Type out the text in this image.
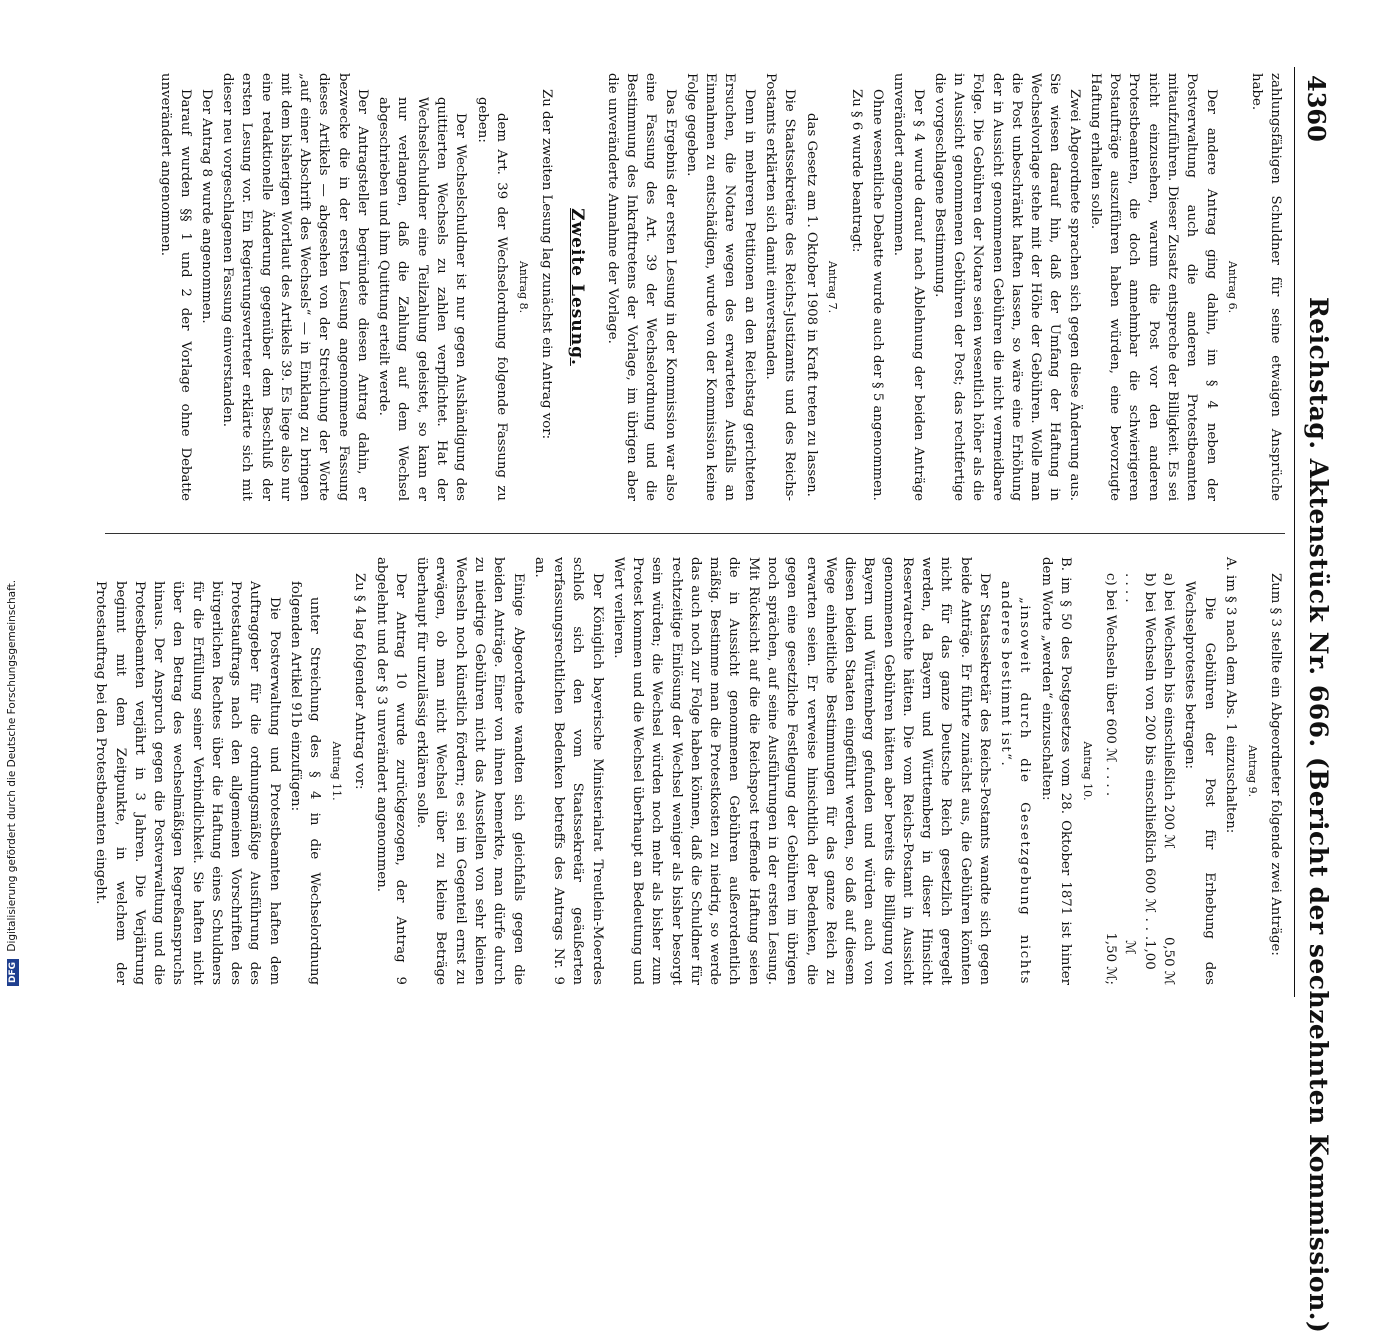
4360
Reichstag. Aktenstück Nr. 666. (Bericht der sechzehnten Kommission.)

zahlungsfähigen Schuldner für seine etwaigen Ansprüche habe.

Antrag 6.

Der andere Antrag ging dahin, im § 4 neben der Postverwaltung auch die anderen Protestbeamten mitaufzuführen. Dieser Zusatz entspreche der Billigkeit. Es sei nicht einzusehen, warum die Post vor den anderen Protestbeamten, die doch annehmbar die schwierigeren Postaufträge auszuführen haben würden, eine bevorzugte Haftung erhalten solle.

Zwei Abgeordnete sprachen sich gegen diese Änderung aus. Sie wiesen darauf hin, daß der Umfang der Haftung in Wechselvorlage stehe mit der Höhe der Gebühren. Wolle man die Post unbeschränkt haften lassen, so wäre eine Erhöhung der in Aussicht genommenen Gebühren die nicht vermeidbare Folge. Die Gebühren der Notare seien wesentlich höher als die in Aussicht genommenen Gebühren der Post; das rechtfertige die vorgeschlagene Bestimmung.

Der § 4 wurde darauf nach Ablehnung der beiden Anträge unverändert angenommen.

Ohne wesentliche Debatte wurde auch der § 5 angenommen.

Zu § 6 wurde beantragt:

Antrag 7.

das Gesetz am 1. Oktober 1908 in Kraft treten zu lassen.

Die Staatssekretäre des Reichs-Justizamts und des Reichs-Postamts erklärten sich damit einverstanden.

Denn in mehreren Petitionen an den Reichstag gerichteten Ersuchen, die Notare wegen des erwarteten Ausfalls an Einnahmen zu entschädigen, wurde von der Kommission keine Folge gegeben.

Das Ergebnis der ersten Lesung in der Kommission war also eine Fassung des Art. 39 der Wechselordnung und die Bestimmung des Inkrafttretens der Vorlage, im übrigen aber die unveränderte Annahme der Vorlage.

Zweite Lesung.

Zu der zweiten Lesung lag zunächst ein Antrag vor:

Antrag 8.

dem Art. 39 der Wechselordnung folgende Fassung zu geben:

Der Wechselschuldner ist nur gegen Aushändigung des quittierten Wechsels zu zahlen verpflichtet. Hat der Wechselschuldner eine Teilzahlung geleistet, so kann er nur verlangen, daß die Zahlung auf dem Wechsel abgeschrieben und ihm Quittung erteilt werde.

Der Antragsteller begründete diesen Antrag dahin, er bezwecke die in der ersten Lesung angenommene Fassung dieses Artikels — abgesehen von der Streichung der Worte „auf einer Abschrift des Wechsels“ — in Einklang zu bringen mit dem bisherigen Wortlaut des Artikels 39. Es liege also nur eine redaktionelle Änderung gegenüber dem Beschluß der ersten Lesung vor. Ein Regierungsvertreter erklärte sich mit dieser neu vorgeschlagenen Fassung einverstanden.

Der Antrag 8 wurde angenommen.

Darauf wurden §§ 1 und 2 der Vorlage ohne Debatte unverändert angenommen.

Zum § 3 stellte ein Abgeordneter folgende zwei Anträge:

Antrag 9.

A. im § 3 nach dem Abs. 1 einzuschalten:

Die Gebühren der Post für Erhebung des Wechselprotestes betragen:

a) bei Wechseln bis einschließlich 200 ℳ
0,50 ℳ
b) bei Wechseln von 200 bis einschließlich 600 ℳ . . . . . . .
1,00 ℳ
c) bei Wechseln über 600 ℳ . . . .
1,50 ℳ;

Antrag 10.

B. im § 50 des Postgesetzes vom 28. Oktober 1871 ist hinter dem Worte „werden“ einzuschalten:

„insoweit durch die Gesetzgebung nichts anderes bestimmt ist“.

Der Staatssekretär des Reichs-Postamts wandte sich gegen beide Anträge. Er führte zunächst aus, die Gebühren könnten nicht für das ganze Deutsche Reich gesetzlich geregelt werden, da Bayern und Württemberg in dieser Hinsicht Reservatrechte hätten. Die vom Reichs-Postamt in Aussicht genommenen Gebühren hätten aber bereits die Billigung von Bayern und Württemberg gefunden und würden auch von diesen beiden Staaten eingeführt werden, so daß auf diesem Wege einheitliche Bestimmungen für das ganze Reich zu erwarten seien. Er verweise hinsichtlich der Bedenken, die gegen eine gesetzliche Festlegung der Gebühren im übrigen noch sprächen, auf seine Ausführungen in der ersten Lesung. Mit Rücksicht auf die die Reichspost treffende Haftung seien die in Aussicht genommenen Gebühren außerordentlich mäßig. Bestimme man die Protestkosten zu niedrig, so werde das auch noch zur Folge haben können, daß die Schuldner für rechtzeitige Einlösung der Wechsel weniger als bisher besorgt sein würden; die Wechsel würden noch mehr als bisher zum Protest kommen und die Wechsel überhaupt an Bedeutung und Wert verlieren.

Der Königlich bayerische Ministerialrat Treutlein-Moerdes schloß sich den vom Staatssekretär geäußerten verfassungsrechtlichen Bedenken betreffs des Antrags Nr. 9 an.

Einige Abgeordnete wandten sich gleichfalls gegen die beiden Anträge. Einer von ihnen bemerkte, man dürfe durch zu niedrige Gebühren nicht das Ausstellen von sehr kleinen Wechseln noch künstlich fördern; es sei im Gegenteil ernst zu erwägen, ob man nicht Wechsel über zu kleine Beträge überhaupt für unzulässig erklären solle.

Der Antrag 10 wurde zurückgezogen, der Antrag 9 abgelehnt und der § 3 unverändert angenommen.

Zu § 4 lag folgender Antrag vor:

Antrag 11.

unter Streichung des § 4 in die Wechselordnung folgenden Artikel 91b einzufügen:

Die Postverwaltung und Protestbeamten haften dem Auftraggeber für die ordnungsmäßige Ausführung des Protestauftrags nach den allgemeinen Vorschriften des bürgerlichen Rechtes über die Haftung eines Schuldners für die Erfüllung seiner Verbindlichkeit. Sie haften nicht über den Betrag des wechselmäßigen Regreßanspruchs hinaus. Der Anspruch gegen die Postverwaltung und die Protestbeamten verjährt in 3 Jahren. Die Verjährung beginnt mit dem Zeitpunkte, in welchem der Protestauftrag bei den Protestbeamten eingeht.

DFG Digitalisierung gefördert durch die Deutsche Forschungsgemeinschaft.
